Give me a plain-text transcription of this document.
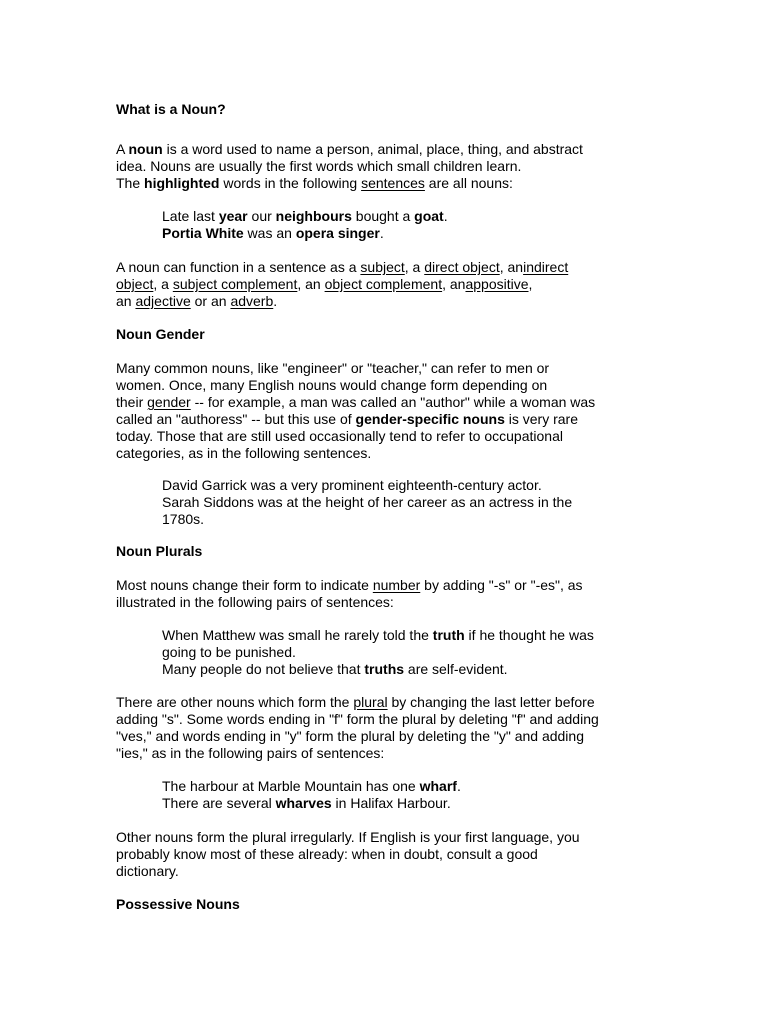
What is a Noun?

A noun is a word used to name a person, animal, place, thing, and abstract
idea. Nouns are usually the first words which small children learn.
The highlighted words in the following sentences are all nouns:

Late last year our neighbours bought a goat.
Portia White was an opera singer.

A noun can function in a sentence as a subject, a direct object, anindirect
object, a subject complement, an object complement, anappositive,
an adjective or an adverb.

Noun Gender

Many common nouns, like "engineer" or "teacher," can refer to men or
women. Once, many English nouns would change form depending on
their gender -- for example, a man was called an "author" while a woman was
called an "authoress" -- but this use of gender-specific nouns is very rare
today. Those that are still used occasionally tend to refer to occupational
categories, as in the following sentences.

David Garrick was a very prominent eighteenth-century actor.
Sarah Siddons was at the height of her career as an actress in the
1780s.

Noun Plurals

Most nouns change their form to indicate number by adding "-s" or "-es", as
illustrated in the following pairs of sentences:

When Matthew was small he rarely told the truth if he thought he was
going to be punished.
Many people do not believe that truths are self-evident.

There are other nouns which form the plural by changing the last letter before
adding "s". Some words ending in "f" form the plural by deleting "f" and adding
"ves," and words ending in "y" form the plural by deleting the "y" and adding
"ies," as in the following pairs of sentences:

The harbour at Marble Mountain has one wharf.
There are several wharves in Halifax Harbour.

Other nouns form the plural irregularly. If English is your first language, you
probably know most of these already: when in doubt, consult a good
dictionary.

Possessive Nouns
